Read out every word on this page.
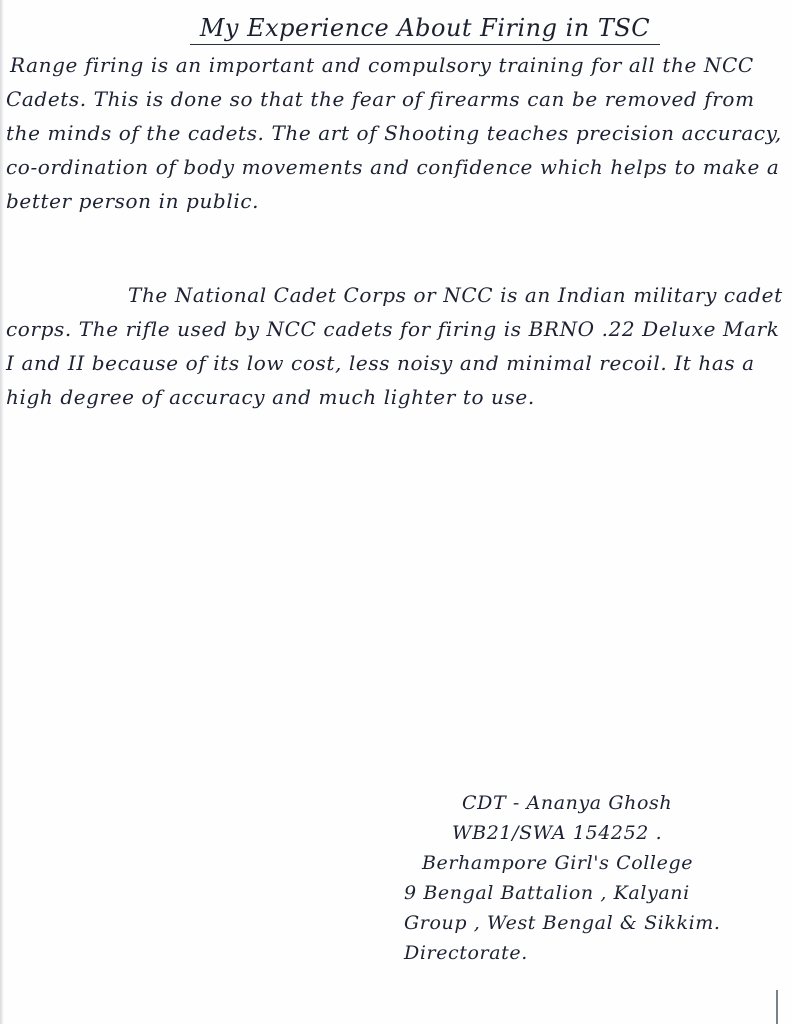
My Experience About Firing in TSC

Range firing is an important and compulsory training for all the NCC Cadets. This is done so that the fear of firearms can be removed from the minds of the cadets. The art of Shooting teaches precision accuracy, co-ordination of body movements and confidence which helps to make a better person in public.

The National Cadet Corps or NCC is an Indian military cadet corps. The rifle used by NCC cadets for firing is BRNO .22 Deluxe Mark I and II because of its low cost, less noisy and minimal recoil. It has a high degree of accuracy and much lighter to use.

CDT - Ananya Ghosh
WB21/SWA 154252 .
Berhampore Girl's College
9 Bengal Battalion , Kalyani
Group , West Bengal & Sikkim.
Directorate.
